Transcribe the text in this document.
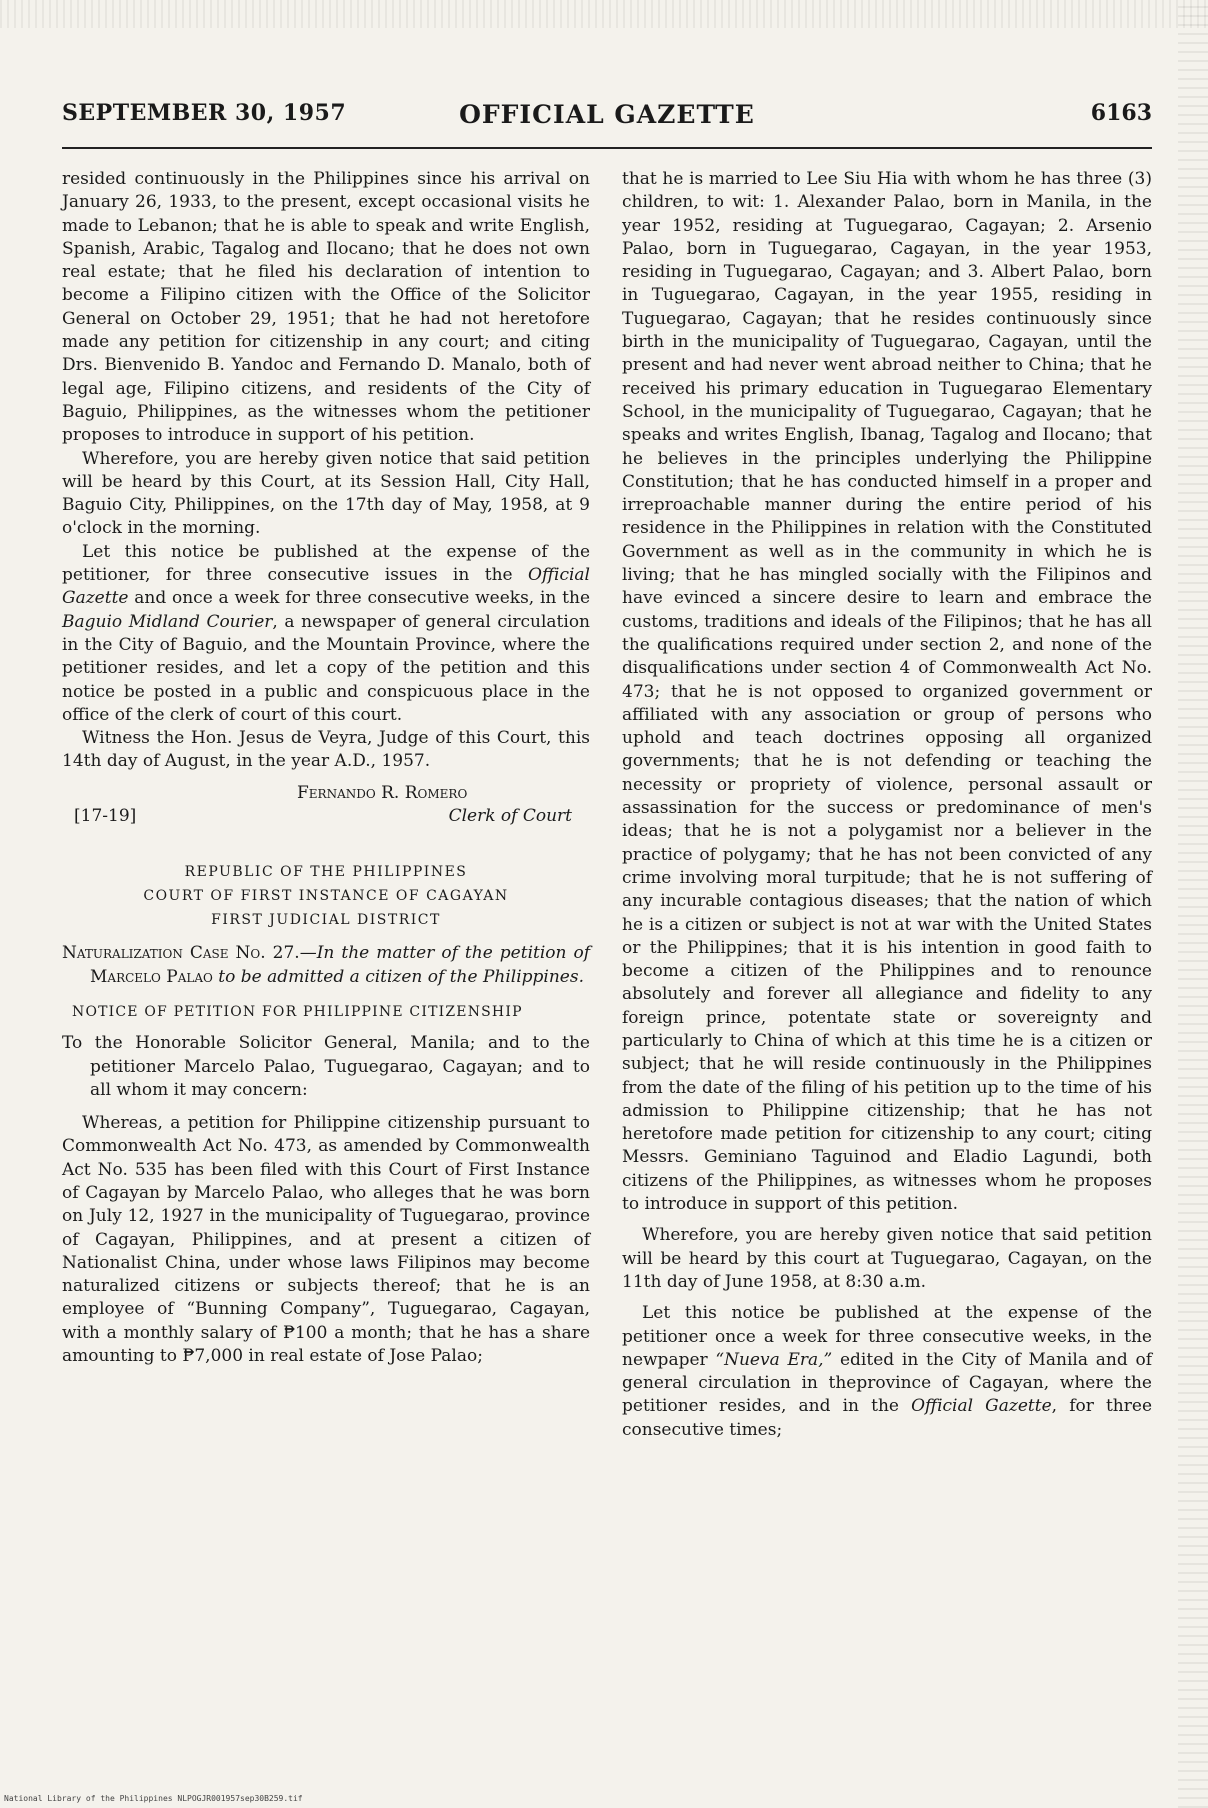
OFFICIAL GAZETTE
SEPTEMBER 30, 1957	6163

resided continuously in the Philippines since his arrival on January 26, 1933, to the present, except occasional visits he made to Lebanon; that he is able to speak and write English, Spanish, Arabic, Tagalog and Ilocano; that he does not own real estate; that he filed his declaration of intention to become a Filipino citizen with the Office of the Solicitor General on October 29, 1951; that he had not heretofore made any petition for citizenship in any court; and citing Drs. Bienvenido B. Yandoc and Fernando D. Manalo, both of legal age, Filipino citizens, and residents of the City of Baguio, Philippines, as the witnesses whom the petitioner proposes to introduce in support of his petition.

Wherefore, you are hereby given notice that said petition will be heard by this Court, at its Session Hall, City Hall, Baguio City, Philippines, on the 17th day of May, 1958, at 9 o'clock in the morning.

Let this notice be published at the expense of the petitioner, for three consecutive issues in the Official Gazette and once a week for three consecutive weeks, in the Baguio Midland Courier, a newspaper of general circulation in the City of Baguio, and the Mountain Province, where the petitioner resides, and let a copy of the petition and this notice be posted in a public and conspicuous place in the office of the clerk of court of this court.

Witness the Hon. Jesus de Veyra, Judge of this Court, this 14th day of August, in the year A.D., 1957.

Fernando R. Romero

[17-19]	Clerk of Court

REPUBLIC OF THE PHILIPPINES
COURT OF FIRST INSTANCE OF CAGAYAN
FIRST JUDICIAL DISTRICT

Naturalization Case No. 27.—In the matter of the petition of Marcelo Palao to be admitted a citizen of the Philippines.

NOTICE OF PETITION FOR PHILIPPINE CITIZENSHIP

To the Honorable Solicitor General, Manila; and to the petitioner Marcelo Palao, Tuguegarao, Cagayan; and to all whom it may concern:

Whereas, a petition for Philippine citizenship pursuant to Commonwealth Act No. 473, as amended by Commonwealth Act No. 535 has been filed with this Court of First Instance of Cagayan by Marcelo Palao, who alleges that he was born on July 12, 1927 in the municipality of Tuguegarao, province of Cagayan, Philippines, and at present a citizen of Nationalist China, under whose laws Filipinos may become naturalized citizens or subjects thereof; that he is an employee of “Bunning Company”, Tuguegarao, Cagayan, with a monthly salary of ₱100 a month; that he has a share amounting to ₱7,000 in real estate of Jose Palao;

that he is married to Lee Siu Hia with whom he has three (3) children, to wit: 1. Alexander Palao, born in Manila, in the year 1952, residing at Tuguegarao, Cagayan; 2. Arsenio Palao, born in Tuguegarao, Cagayan, in the year 1953, residing in Tuguegarao, Cagayan; and 3. Albert Palao, born in Tuguegarao, Cagayan, in the year 1955, residing in Tuguegarao, Cagayan; that he resides continuously since birth in the municipality of Tuguegarao, Cagayan, until the present and had never went abroad neither to China; that he received his primary education in Tuguegarao Elementary School, in the municipality of Tuguegarao, Cagayan; that he speaks and writes English, Ibanag, Tagalog and Ilocano; that he believes in the principles underlying the Philippine Constitution; that he has conducted himself in a proper and irreproachable manner during the entire period of his residence in the Philippines in relation with the Constituted Government as well as in the community in which he is living; that he has mingled socially with the Filipinos and have evinced a sincere desire to learn and embrace the customs, traditions and ideals of the Filipinos; that he has all the qualifications required under section 2, and none of the disqualifications under section 4 of Commonwealth Act No. 473; that he is not opposed to organized government or affiliated with any association or group of persons who uphold and teach doctrines opposing all organized governments; that he is not defending or teaching the necessity or propriety of violence, personal assault or assassination for the success or predominance of men's ideas; that he is not a polygamist nor a believer in the practice of polygamy; that he has not been convicted of any crime involving moral turpitude; that he is not suffering of any incurable contagious diseases; that the nation of which he is a citizen or subject is not at war with the United States or the Philippines; that it is his intention in good faith to become a citizen of the Philippines and to renounce absolutely and forever all allegiance and fidelity to any foreign prince, potentate state or sovereignty and particularly to China of which at this time he is a citizen or subject; that he will reside continuously in the Philippines from the date of the filing of his petition up to the time of his admission to Philippine citizenship; that he has not heretofore made petition for citizenship to any court; citing Messrs. Geminiano Taguinod and Eladio Lagundi, both citizens of the Philippines, as witnesses whom he proposes to introduce in support of this petition.

Wherefore, you are hereby given notice that said petition will be heard by this court at Tuguegarao, Cagayan, on the 11th day of June 1958, at 8:30 a.m.

Let this notice be published at the expense of the petitioner once a week for three consecutive weeks, in the newpaper “Nueva Era,” edited in the City of Manila and of general circulation in theprovince of Cagayan, where the petitioner resides, and in the Official Gazette, for three consecutive times;

National Library of the Philippines NLPOGJR001957sep30B259.tif
